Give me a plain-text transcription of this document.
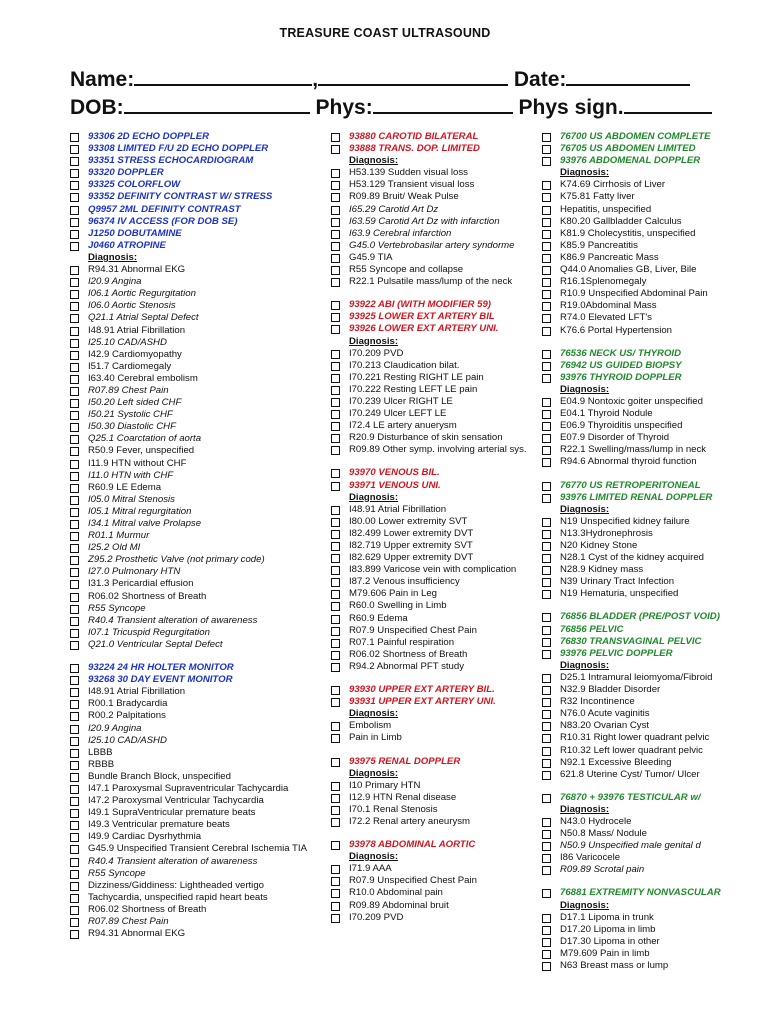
TREASURE COAST ULTRASOUND
Name:	,	Date:
DOB:	Phys:	Phys sign.
93306 2D ECHO DOPPLER
93308 LIMITED F/U 2D ECHO DOPPLER
93351 STRESS ECHOCARDIOGRAM
93320 DOPPLER
93325 COLORFLOW
93352 DEFINITY CONTRAST W/ STRESS
Q9957 2ML DEFINITY CONTRAST
96374 IV ACCESS (FOR DOB SE)
J1250 DOBUTAMINE
J0460 ATROPINE
Diagnosis:
R94.31 Abnormal EKG
I20.9 Angina
I06.1 Aortic Regurgitation
I06.0 Aortic Stenosis
Q21.1 Atrial Septal Defect
I48.91 Atrial Fibrillation
I25.10 CAD/ASHD
I42.9 Cardiomyopathy
I51.7 Cardiomegaly
I63.40 Cerebral embolism
R07.89 Chest Pain
I50.20 Left sided CHF
I50.21 Systolic CHF
I50.30 Diastolic CHF
Q25.1 Coarctation of aorta
R50.9 Fever, unspecified
I11.9 HTN without CHF
I11.0 HTN with CHF
R60.9 LE Edema
I05.0 Mitral Stenosis
I05.1 Mitral regurgitation
I34.1 Mitral valve Prolapse
R01.1 Murmur
I25.2 Old MI
Z95.2 Prosthetic Valve (not primary code)
I27.0 Pulmonary HTN
I31.3 Pericardial effusion
R06.02 Shortness of Breath
R55 Syncope
R40.4 Transient alteration of awareness
I07.1 Tricuspid Regurgitation
Q21.0 Ventricular Septal Defect
93224 24 HR HOLTER MONITOR
93268 30 DAY EVENT MONITOR
I48.91 Atrial Fibrillation
R00.1 Bradycardia
R00.2 Palpitations
I20.9 Angina
I25.10 CAD/ASHD
LBBB
RBBB
Bundle Branch Block, unspecified
I47.1 Paroxysmal Supraventricular Tachycardia
I47.2 Paroxysmal Ventricular Tachycardia
I49.1 SupraVentricular premature beats
I49.3 Ventricular premature beats
I49.9 Cardiac Dysrhythmia
G45.9 Unspecified Transient Cerebral Ischemia TIA
R40.4 Transient alteration of awareness
R55 Syncope
Dizziness/Giddiness: Lightheaded vertigo
Tachycardia, unspecified rapid heart beats
R06.02 Shortness of Breath
R07.89 Chest Pain
R94.31 Abnormal EKG
93880 CAROTID BILATERAL
93888 TRANS. DOP. LIMITED
Diagnosis:
H53.139 Sudden visual loss
H53.129 Transient visual loss
R09.89 Bruit/ Weak Pulse
I65.29 Carotid Art Dz
I63.59 Carotid Art Dz with infarction
I63.9 Cerebral infarction
G45.0 Vertebrobasilar artery syndorme
G45.9 TIA
R55 Syncope and collapse
R22.1 Pulsatile mass/lump of the neck
93922 ABI (WITH MODIFIER 59)
93925 LOWER EXT ARTERY BIL
93926 LOWER EXT ARTERY UNI.
Diagnosis:
I70.209 PVD
I70.213 Claudication bilat.
I70.221 Resting RIGHT LE pain
I70.222 Resting LEFT LE pain
I70.239 Ulcer RIGHT LE
I70.249 Ulcer LEFT LE
I72.4 LE artery anuerysm
R20.9 Disturbance of skin sensation
R09.89 Other symp. involving arterial sys.
93970 VENOUS BIL.
93971 VENOUS UNI.
Diagnosis:
I48.91 Atrial Fibrillation
I80.00 Lower extremity SVT
I82.499 Lower extremity DVT
I82.719 Upper extremity SVT
I82.629 Upper extremity DVT
I83.899 Varicose vein with complication
I87.2 Venous insufficiency
M79.606 Pain in Leg
R60.0 Swelling in Limb
R60.9 Edema
R07.9 Unspecified Chest Pain
R07.1 Painful respiration
R06.02 Shortness of Breath
R94.2 Abnormal PFT study
93930 UPPER EXT ARTERY BIL.
93931 UPPER EXT ARTERY UNI.
Diagnosis:
Embolism
Pain in Limb
93975 RENAL DOPPLER
Diagnosis:
I10 Primary HTN
I12.9 HTN Renal disease
I70.1 Renal Stenosis
I72.2 Renal artery aneurysm
93978 ABDOMINAL AORTIC
Diagnosis:
I71.9 AAA
R07.9 Unspecified Chest Pain
R10.0 Abdominal pain
R09.89 Abdominal bruit
I70.209 PVD
76700 US ABDOMEN COMPLETE
76705 US ABDOMEN LIMITED
93976 ABDOMENAL DOPPLER
Diagnosis:
K74.69 Cirrhosis of Liver
K75.81 Fatty liver
Hepatitis, unspecified
K80.20 Gallbladder Calculus
K81.9 Cholecystitis, unspecified
K85.9 Pancreatitis
K86.9 Pancreatic Mass
Q44.0 Anomalies GB, Liver, Bile
R16.1Splenomegaly
R10.9 Unspecified Abdominal Pain
R19.0Abdominal Mass
R74.0 Elevated LFT's
K76.6 Portal Hypertension
76536 NECK US/ THYROID
76942 US GUIDED BIOPSY
93976 THYROID DOPPLER
Diagnosis:
E04.9 Nontoxic goiter unspecified
E04.1 Thyroid Nodule
E06.9 Thyroiditis unspecified
E07.9 Disorder of Thyroid
R22.1 Swelling/mass/lump in neck
R94.6 Abnormal thyroid function
76770 US RETROPERITONEAL
93976 LIMITED RENAL DOPPLER
Diagnosis:
N19 Unspecified kidney failure
N13.3Hydronephrosis
N20 Kidney Stone
N28.1 Cyst of the kidney acquired
N28.9 Kidney mass
N39 Urinary Tract Infection
N19 Hematuria, unspecified
76856 BLADDER (PRE/POST VOID)
76856 PELVIC
76830 TRANSVAGINAL PELVIC
93976 PELVIC DOPPLER
Diagnosis:
D25.1 Intramural leiomyoma/Fibroid
N32.9 Bladder Disorder
R32 Incontinence
N76.0 Acute vaginitis
N83.20 Ovarian Cyst
R10.31 Right lower quadrant pelvic
R10.32 Left lower quadrant pelvic
N92.1 Excessive Bleeding
621.8 Uterine Cyst/ Tumor/ Ulcer
76870 + 93976 TESTICULAR w/
Diagnosis:
N43.0 Hydrocele
N50.8 Mass/ Nodule
N50.9 Unspecified male genital d
I86 Varicocele
R09.89 Scrotal pain
76881 EXTREMITY NONVASCULAR
Diagnosis:
D17.1 Lipoma in trunk
D17.20 Lipoma in limb
D17.30 Lipoma in other
M79.609 Pain in limb
N63 Breast mass or lump
